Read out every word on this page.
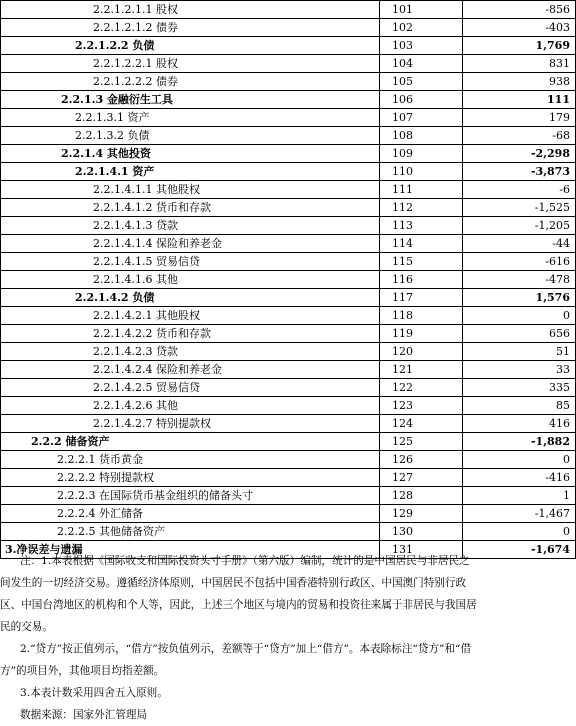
2.2.1.2.1.1 股权	101	-856
2.2.1.2.1.2 债券	102	-403
2.2.1.2.2 负债	103	1,769
2.2.1.2.2.1 股权	104	831
2.2.1.2.2.2 债券	105	938
2.2.1.3 金融衍生工具	106	111
2.2.1.3.1 资产	107	179
2.2.1.3.2 负债	108	-68
2.2.1.4 其他投资	109	-2,298
2.2.1.4.1 资产	110	-3,873
2.2.1.4.1.1 其他股权	111	-6
2.2.1.4.1.2 货币和存款	112	-1,525
2.2.1.4.1.3 贷款	113	-1,205
2.2.1.4.1.4 保险和养老金	114	-44
2.2.1.4.1.5 贸易信贷	115	-616
2.2.1.4.1.6 其他	116	-478
2.2.1.4.2 负债	117	1,576
2.2.1.4.2.1 其他股权	118	0
2.2.1.4.2.2 货币和存款	119	656
2.2.1.4.2.3 贷款	120	51
2.2.1.4.2.4 保险和养老金	121	33
2.2.1.4.2.5 贸易信贷	122	335
2.2.1.4.2.6 其他	123	85
2.2.1.4.2.7 特别提款权	124	416
2.2.2 储备资产	125	-1,882
2.2.2.1 货币黄金	126	0
2.2.2.2 特别提款权	127	-416
2.2.2.3 在国际货币基金组织的储备头寸	128	1
2.2.2.4 外汇储备	129	-1,467
2.2.2.5 其他储备资产	130	0
3.净误差与遗漏	131	-1,674

注：1.本表根据《国际收支和国际投资头寸手册》（第六版）编制，统计的是中国居民与非居民之间发生的一切经济交易。遵循经济体原则，中国居民不包括中国香港特别行政区、中国澳门特别行政区、中国台湾地区的机构和个人等，因此，上述三个地区与境内的贸易和投资往来属于非居民与我国居民的交易。

2.“贷方”按正值列示，“借方”按负值列示，差额等于“贷方”加上“借方”。本表除标注“贷方”和“借方”的项目外，其他项目均指差额。

3.本表计数采用四舍五入原则。

数据来源：国家外汇管理局
